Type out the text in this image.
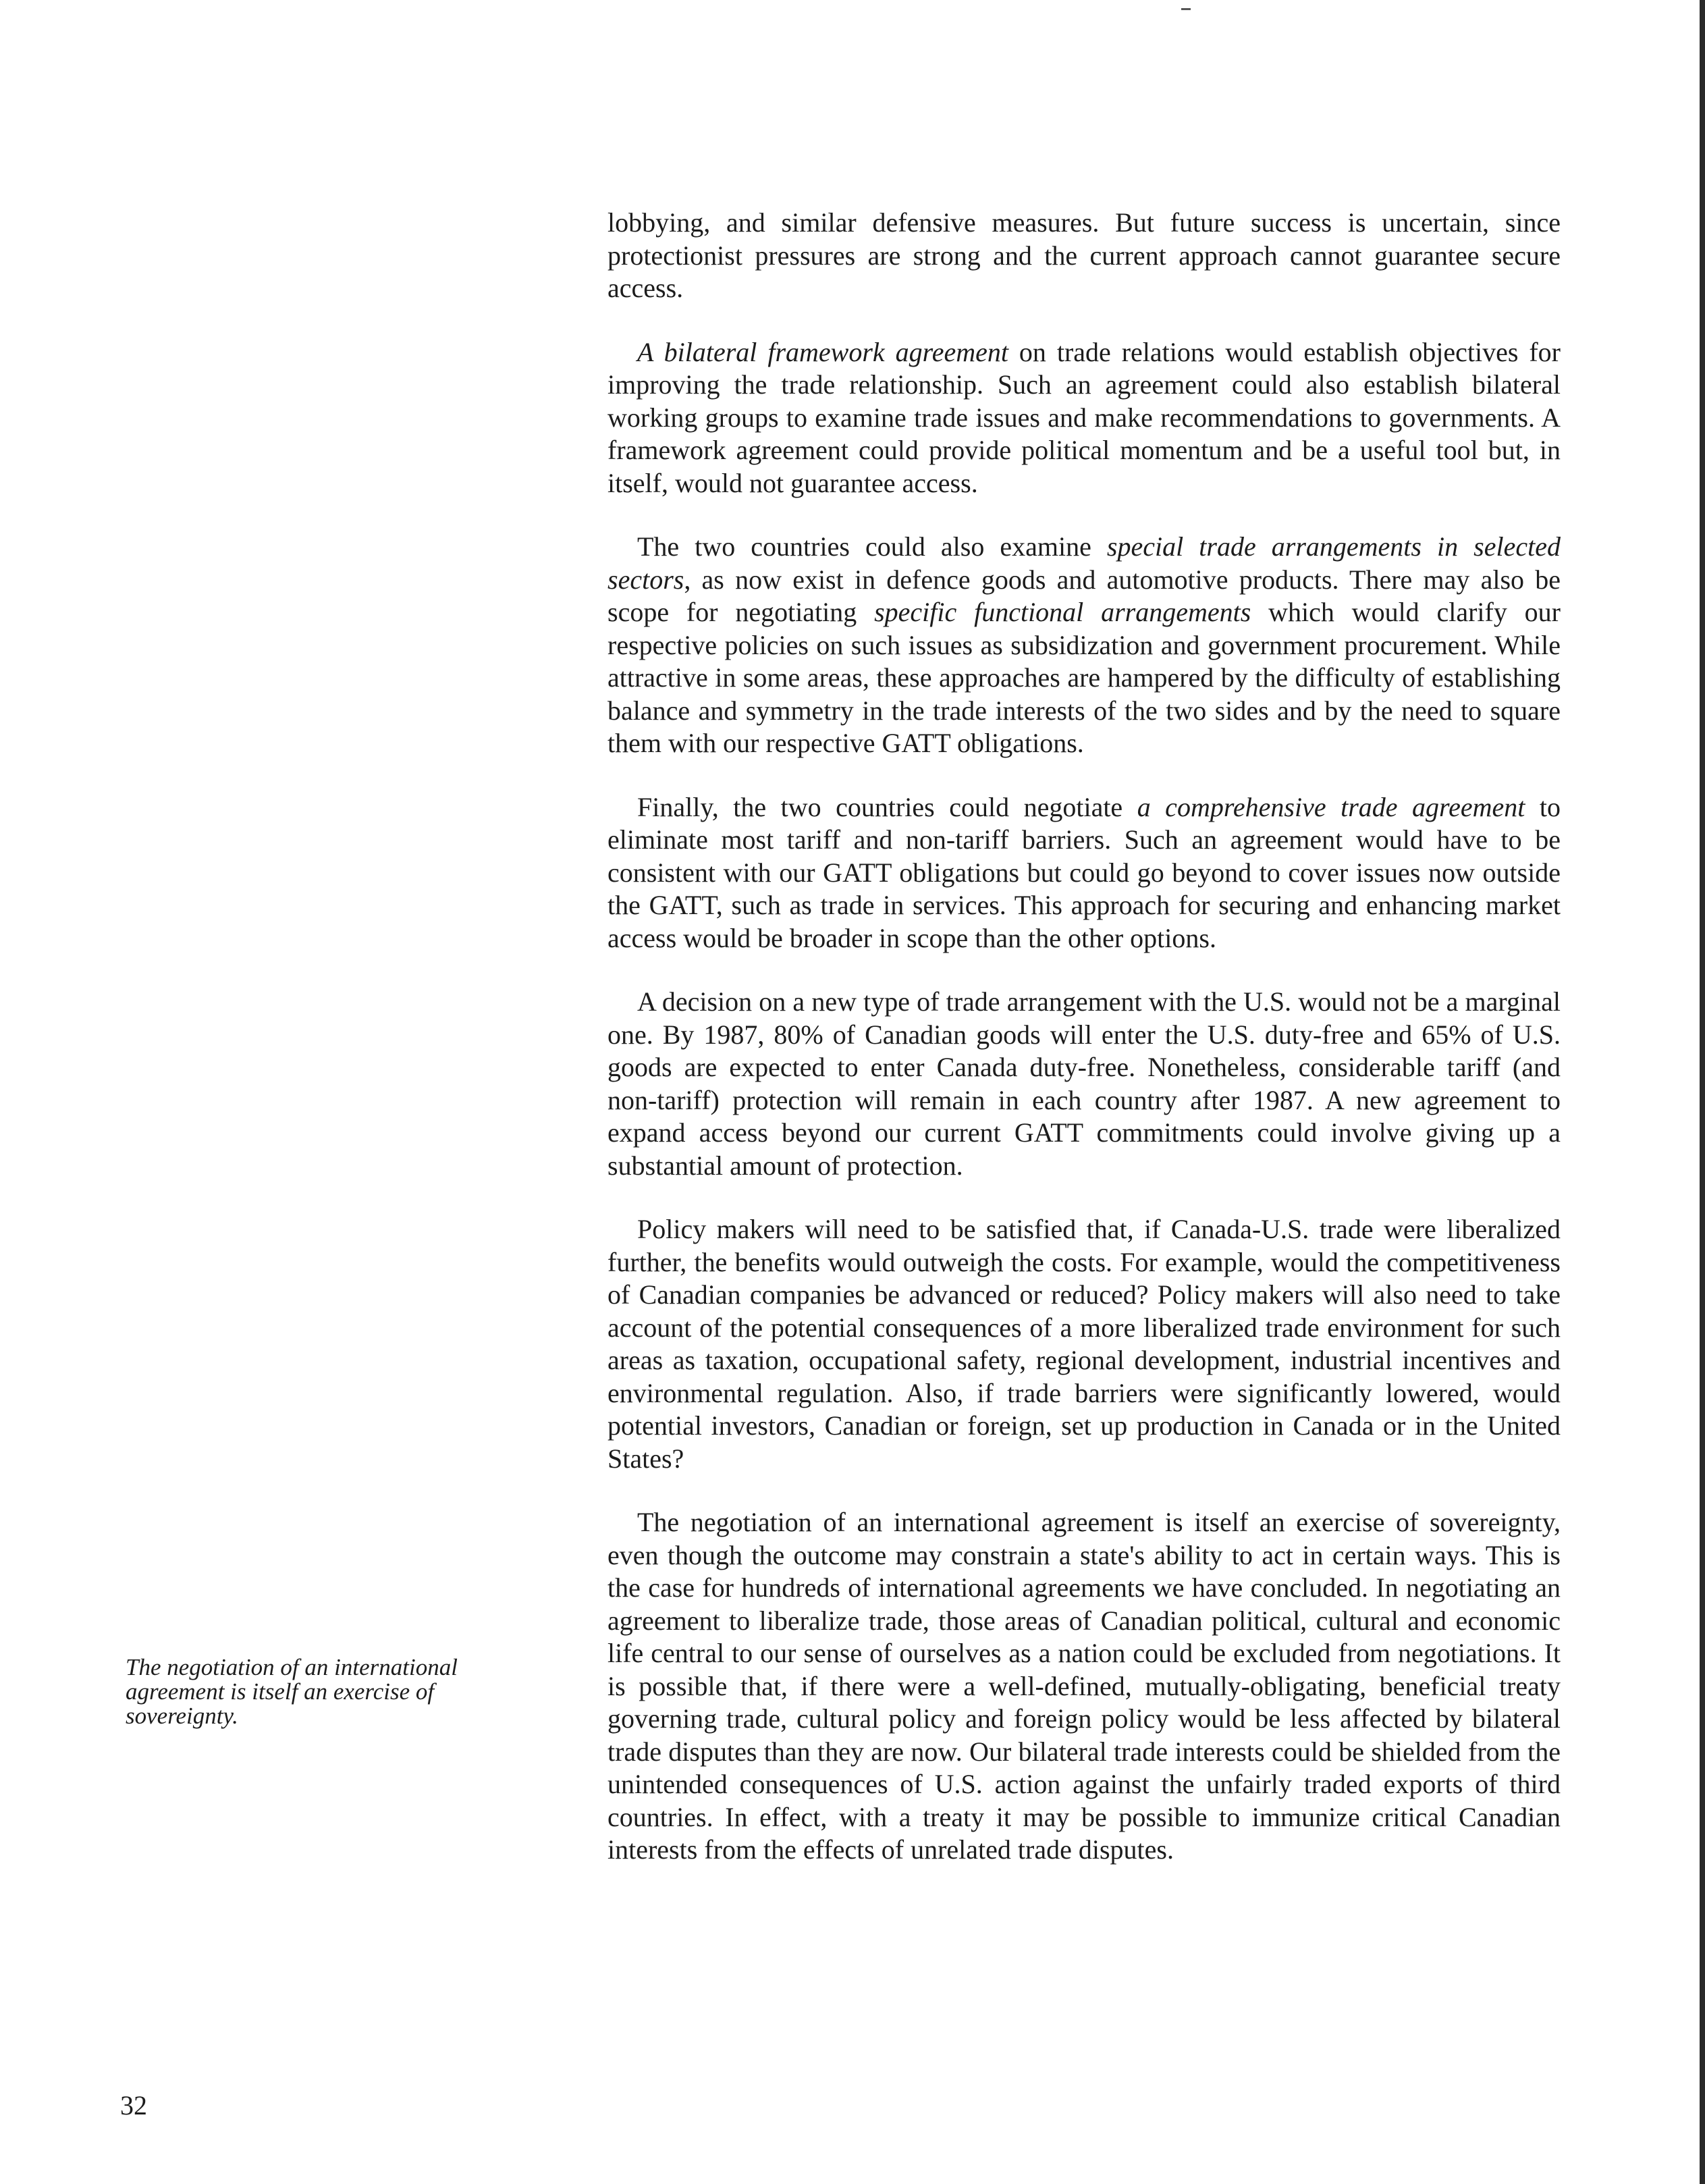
lobbying, and similar defensive measures. But future success is uncertain, since protectionist pressures are strong and the current approach cannot guarantee secure access.

A bilateral framework agreement on trade relations would establish objectives for improving the trade relationship. Such an agreement could also establish bilateral working groups to examine trade issues and make recommendations to governments. A framework agreement could provide political momentum and be a useful tool but, in itself, would not guarantee access.

The two countries could also examine special trade arrangements in selected sectors, as now exist in defence goods and automotive products. There may also be scope for negotiating specific functional arrangements which would clarify our respective policies on such issues as subsidization and government procurement. While attractive in some areas, these approaches are hampered by the difficulty of establishing balance and symmetry in the trade interests of the two sides and by the need to square them with our respective GATT obligations.

Finally, the two countries could negotiate a comprehensive trade agreement to eliminate most tariff and non-tariff barriers. Such an agreement would have to be consistent with our GATT obligations but could go beyond to cover issues now outside the GATT, such as trade in services. This approach for securing and enhancing market access would be broader in scope than the other options.

A decision on a new type of trade arrangement with the U.S. would not be a marginal one. By 1987, 80% of Canadian goods will enter the U.S. duty-free and 65% of U.S. goods are expected to enter Canada duty-free. Nonetheless, considerable tariff (and non-tariff) protection will remain in each country after 1987. A new agreement to expand access beyond our current GATT commitments could involve giving up a substantial amount of protection.

Policy makers will need to be satisfied that, if Canada-U.S. trade were liberalized further, the benefits would outweigh the costs. For example, would the competitiveness of Canadian companies be advanced or reduced? Policy makers will also need to take account of the potential consequences of a more liberalized trade environment for such areas as taxation, occupational safety, regional development, industrial incentives and environmental regulation. Also, if trade barriers were significantly lowered, would potential investors, Canadian or foreign, set up production in Canada or in the United States?

The negotiation of an international agreement is itself an exercise of sovereignty, even though the outcome may constrain a state's ability to act in certain ways. This is the case for hundreds of international agreements we have concluded. In negotiating an agreement to liberalize trade, those areas of Canadian political, cultural and economic life central to our sense of ourselves as a nation could be excluded from negotiations. It is possible that, if there were a well-defined, mutually-obligating, beneficial treaty governing trade, cultural policy and foreign policy would be less affected by bilateral trade disputes than they are now. Our bilateral trade interests could be shielded from the unintended consequences of U.S. action against the unfairly traded exports of third countries. In effect, with a treaty it may be possible to immunize critical Canadian interests from the effects of unrelated trade disputes.

The negotiation of an international agreement is itself an exercise of sovereignty.
32
